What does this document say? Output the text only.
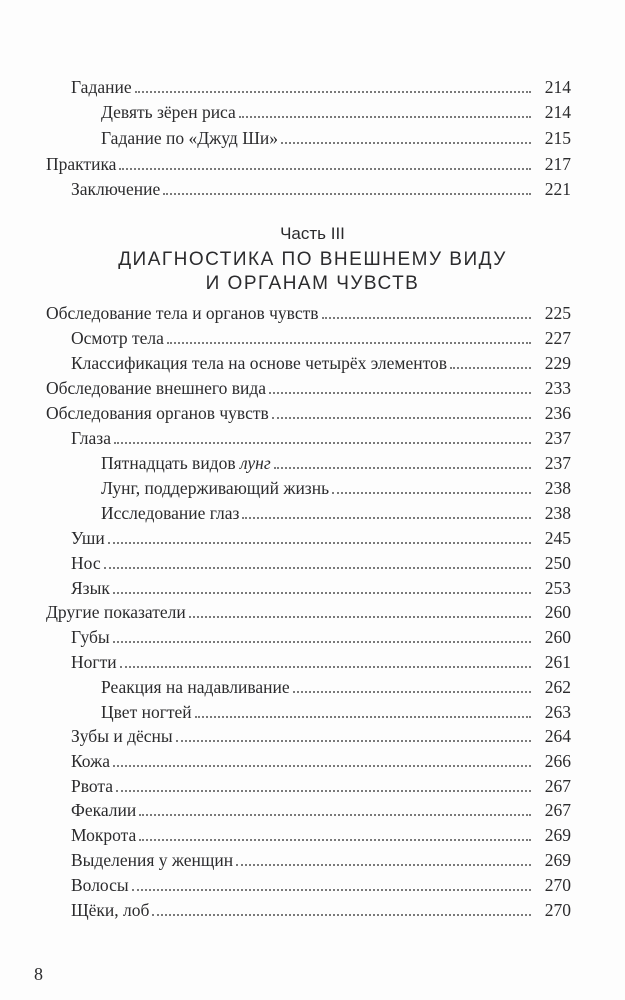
Гадание	214
Девять зёрен риса	214
Гадание по «Джуд Ши»	215
Практика	217
Заключение	221
Часть III
ДИАГНОСТИКА ПО ВНЕШНЕМУ ВИДУ
И ОРГАНАМ ЧУВСТВ
Обследование тела и органов чувств	225
Осмотр тела	227
Классификация тела на основе четырёх элементов	229
Обследование внешнего вида	233
Обследования органов чувств	236
Глаза	237
Пятнадцать видов лунг	237
Лунг, поддерживающий жизнь	238
Исследование глаз	238
Уши	245
Нос	250
Язык	253
Другие показатели	260
Губы	260
Ногти	261
Реакция на надавливание	262
Цвет ногтей	263
Зубы и дёсны	264
Кожа	266
Рвота	267
Фекалии	267
Мокрота	269
Выделения у женщин	269
Волосы	270
Щёки, лоб	270
8
